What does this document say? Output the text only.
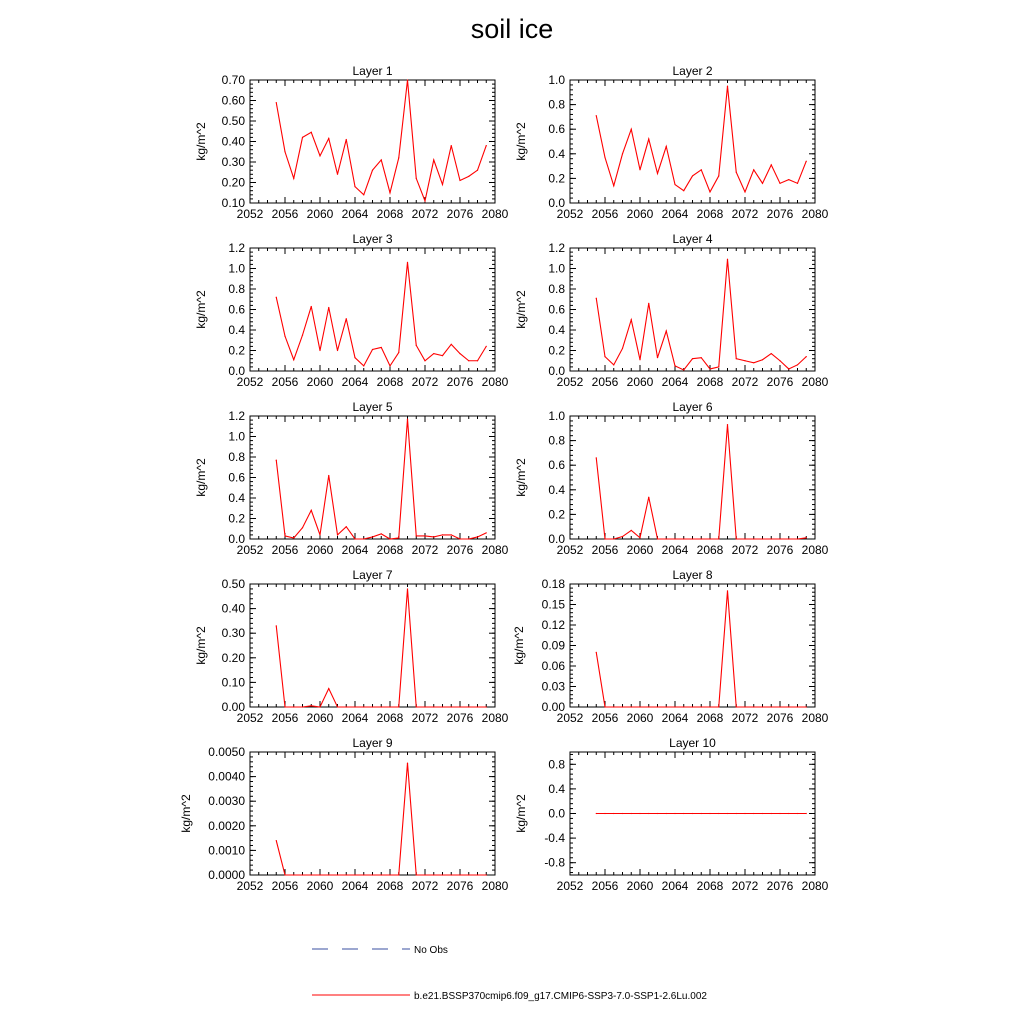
soil ice
Layer 1
2052 2056 2060 2064 2068 2072 2076 2080
0.10
0.20
0.30
0.40
0.50
0.60
0.70
kg/m^2
Layer 2
2052 2056 2060 2064 2068 2072 2076 2080
0.0
0.2
0.4
0.6
0.8
1.0
kg/m^2
Layer 3
2052 2056 2060 2064 2068 2072 2076 2080
0.0
0.2
0.4
0.6
0.8
1.0
1.2
kg/m^2
Layer 4
2052 2056 2060 2064 2068 2072 2076 2080
0.0
0.2
0.4
0.6
0.8
1.0
1.2
kg/m^2
Layer 5
2052 2056 2060 2064 2068 2072 2076 2080
0.0
0.2
0.4
0.6
0.8
1.0
1.2
kg/m^2
Layer 6
2052 2056 2060 2064 2068 2072 2076 2080
0.0
0.2
0.4
0.6
0.8
1.0
kg/m^2
Layer 7
2052 2056 2060 2064 2068 2072 2076 2080
0.00
0.10
0.20
0.30
0.40
0.50
kg/m^2
Layer 8
2052 2056 2060 2064 2068 2072 2076 2080
0.00
0.03
0.06
0.09
0.12
0.15
0.18
kg/m^2
Layer 9
2052 2056 2060 2064 2068 2072 2076 2080
0.0000
0.0010
0.0020
0.0030
0.0040
0.0050
kg/m^2
Layer 10
2052 2056 2060 2064 2068 2072 2076 2080
-0.8
-0.4
0.0
0.4
0.8
kg/m^2
No Obs
b.e21.BSSP370cmip6.f09_g17.CMIP6-SSP3-7.0-SSP1-2.6Lu.002
